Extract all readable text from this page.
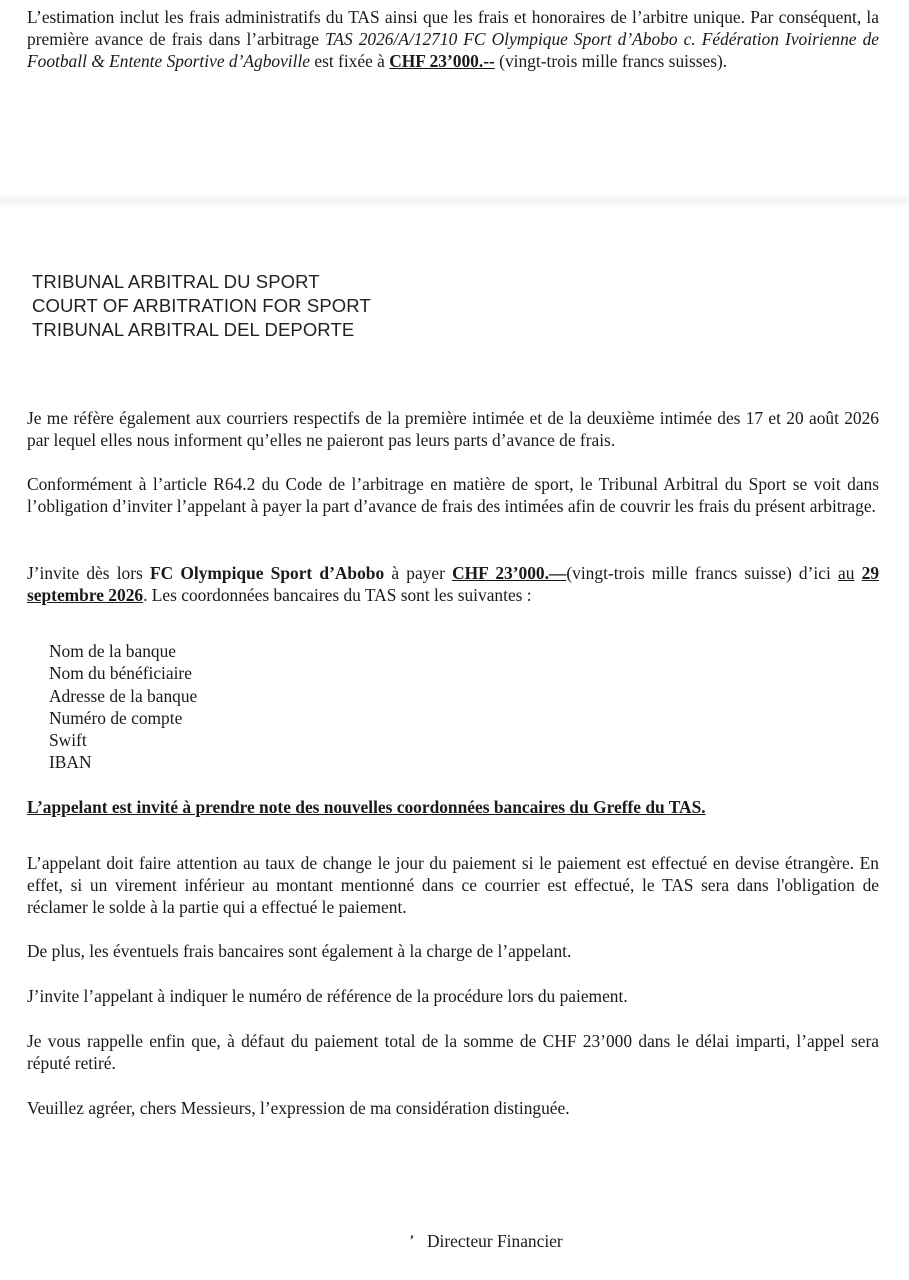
L’estimation inclut les frais administratifs du TAS ainsi que les frais et honoraires de l’arbitre unique. Par conséquent, la première avance de frais dans l’arbitrage TAS 2026/A/12710 FC Olympique Sport d’Abobo c. Fédération Ivoirienne de Football & Entente Sportive d’Agboville est fixée à CHF 23’000.-- (vingt-trois mille francs suisses).
TRIBUNAL ARBITRAL DU SPORT
COURT OF ARBITRATION FOR SPORT
TRIBUNAL ARBITRAL DEL DEPORTE
Je me réfère également aux courriers respectifs de la première intimée et de la deuxième intimée des 17 et 20 août 2026 par lequel elles nous informent qu’elles ne paieront pas leurs parts d’avance de frais.
Conformément à l’article R64.2 du Code de l’arbitrage en matière de sport, le Tribunal Arbitral du Sport se voit dans l’obligation d’inviter l’appelant à payer la part d’avance de frais des intimées afin de couvrir les frais du présent arbitrage.
J’invite dès lors FC Olympique Sport d’Abobo à payer CHF 23’000.—(vingt-trois mille francs suisse) d’ici au 29 septembre 2026. Les coordonnées bancaires du TAS sont les suivantes :
Nom de la banque
Nom du bénéficiaire
Adresse de la banque
Numéro de compte
Swift
IBAN
L’appelant est invité à prendre note des nouvelles coordonnées bancaires du Greffe du TAS.
L’appelant doit faire attention au taux de change le jour du paiement si le paiement est effectué en devise étrangère. En effet, si un virement inférieur au montant mentionné dans ce courrier est effectué, le TAS sera dans l'obligation de réclamer le solde à la partie qui a effectué le paiement.
De plus, les éventuels frais bancaires sont également à la charge de l’appelant.
J’invite l’appelant à indiquer le numéro de référence de la procédure lors du paiement.
Je vous rappelle enfin que, à défaut du paiement total de la somme de CHF 23’000 dans le délai imparti, l’appel sera réputé retiré.
Veuillez agréer, chers Messieurs, l’expression de ma considération distinguée.
❜ Directeur Financier
